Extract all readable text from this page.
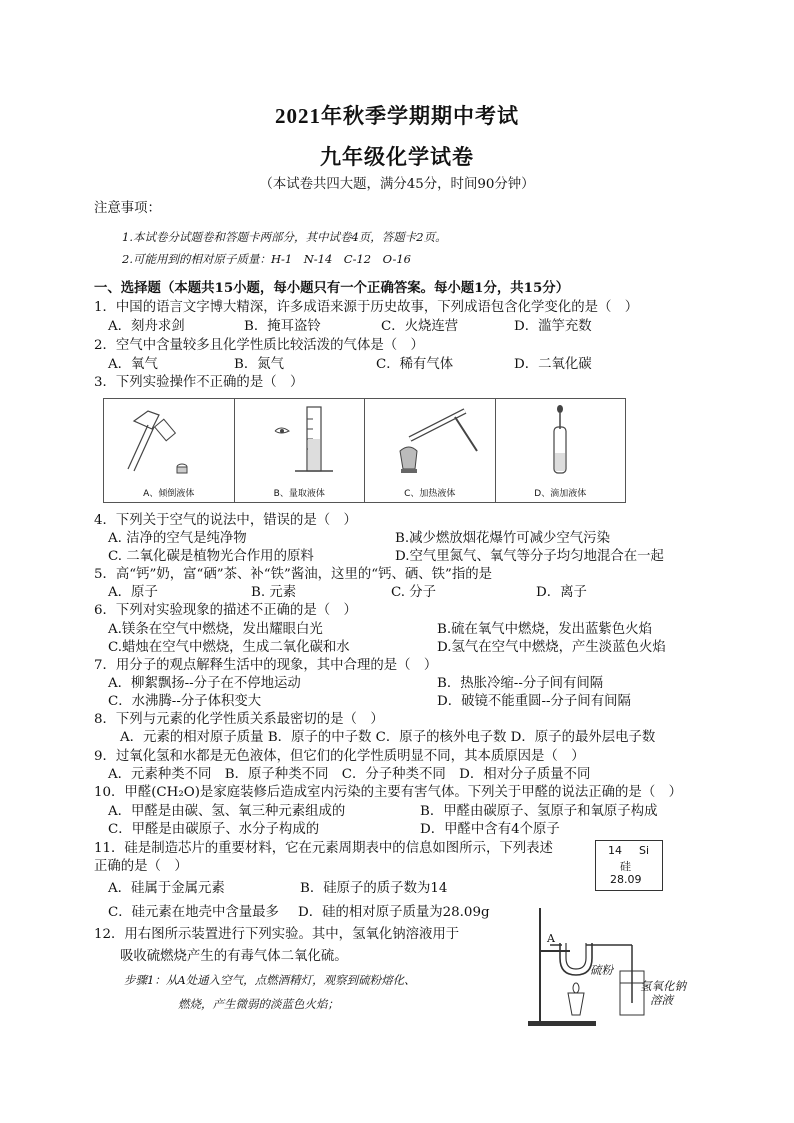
2021年秋季学期期中考试
九年级化学试卷
（本试卷共四大题，满分45分，时间90分钟）
注意事项：
1.本试卷分试题卷和答题卡两部分，其中试卷4页，答题卡2页。
2.可能用到的相对原子质量：H-1　N-14　C-12　O-16
一、选择题（本题共15小题，每小题只有一个正确答案。每小题1分，共15分）
1．中国的语言文字博大精深，许多成语来源于历史故事，下列成语包含化学变化的是（　）
A．刻舟求剑	B．掩耳盗铃	C．火烧连营	D．滥竽充数
2．空气中含量较多且化学性质比较活泼的气体是（　）
A．氧气	B．氮气	C．稀有气体	D．二氧化碳
3．下列实验操作不正确的是（　）
A、倾倒液体	B、量取液体	C、加热液体	D、滴加液体
4．下列关于空气的说法中，错误的是（　）
A. 洁净的空气是纯净物	B.减少燃放烟花爆竹可减少空气污染
C. 二氧化碳是植物光合作用的原料	D.空气里氮气、氧气等分子均匀地混合在一起
5．高“钙”奶，富“硒”茶、补“铁”酱油，这里的“钙、硒、铁”指的是
A．原子	B. 元素	C. 分子	D．离子
6．下列对实验现象的描述不正确的是（　）
A.镁条在空气中燃烧，发出耀眼白光	B.硫在氧气中燃烧，发出蓝紫色火焰
C.蜡烛在空气中燃烧，生成二氧化碳和水	D.氢气在空气中燃烧，产生淡蓝色火焰
7．用分子的观点解释生活中的现象，其中合理的是（　）
A．柳絮飘扬--分子在不停地运动	B．热胀冷缩--分子间有间隔
C．水沸腾--分子体积变大	D．破镜不能重圆--分子间有间隔
8．下列与元素的化学性质关系最密切的是（　）
A．元素的相对原子质量 B．原子的中子数 C．原子的核外电子数 D．原子的最外层电子数
9．过氧化氢和水都是无色液体，但它们的化学性质明显不同，其本质原因是（　）
A．元素种类不同　B．原子种类不同　C．分子种类不同　D．相对分子质量不同
10．甲醛(CH₂O)是家庭装修后造成室内污染的主要有害气体。下列关于甲醛的说法正确的是（　）
A．甲醛是由碳、氢、氧三种元素组成的	B．甲醛由碳原子、氢原子和氧原子构成
C．甲醛是由碳原子、水分子构成的	D．甲醛中含有4个原子
11．硅是制造芯片的重要材料，它在元素周期表中的信息如图所示，下列表述
正确的是（　）
14 Si
硅
28.09
A．硅属于金属元素	B．硅原子的质子数为14
C．硅元素在地壳中含量最多 D．硅的相对原子质量为28.09g
12．用右图所示装置进行下列实验。其中，氢氧化钠溶液用于
吸收硫燃烧产生的有毒气体二氧化硫。
步骤1：从A处通入空气，点燃酒精灯，观察到硫粉熔化、
燃烧，产生微弱的淡蓝色火焰；
A
硫粉
氢氧化钠
溶液
